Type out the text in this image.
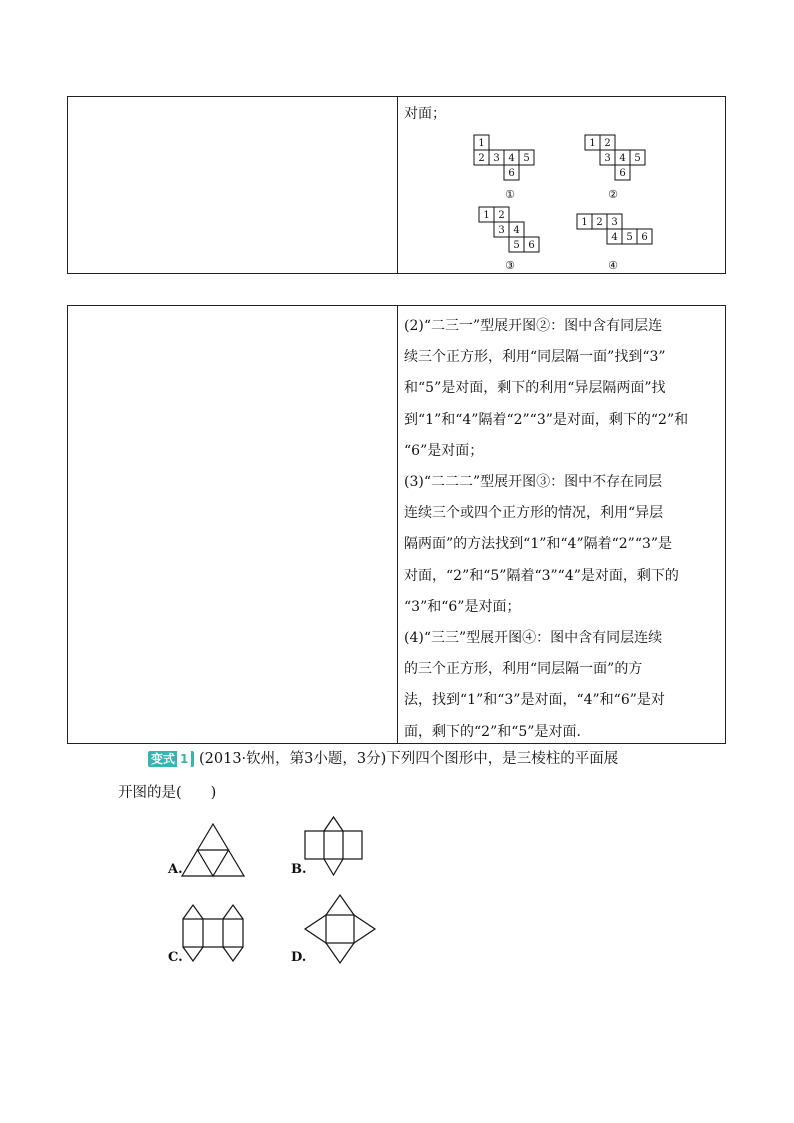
对面；
1
2 3 4 5
6
①
1 2
3 4 5
6
②
1 2
3 4
5 6
③
1 2 3
4 5 6
④

(2)“二三一”型展开图②：图中含有同层连
续三个正方形，利用“同层隔一面”找到“3”
和“5”是对面，剩下的利用“异层隔两面”找
到“1”和“4”隔着“2”“3”是对面，剩下的“2”和
“6”是对面；
(3)“二二二”型展开图③：图中不存在同层
连续三个或四个正方形的情况，利用“异层
隔两面”的方法找到“1”和“4”隔着“2”“3”是
对面，“2”和“5”隔着“3”“4”是对面，剩下的
“3”和“6”是对面；
(4)“三三”型展开图④：图中含有同层连续
的三个正方形，利用“同层隔一面”的方
法，找到“1”和“3”是对面，“4”和“6”是对
面，剩下的“2”和“5”是对面.

变式 1 (2013·钦州，第3小题，3分)下列四个图形中，是三棱柱的平面展
开图的是(　　)
A.	B.
C.	D.
